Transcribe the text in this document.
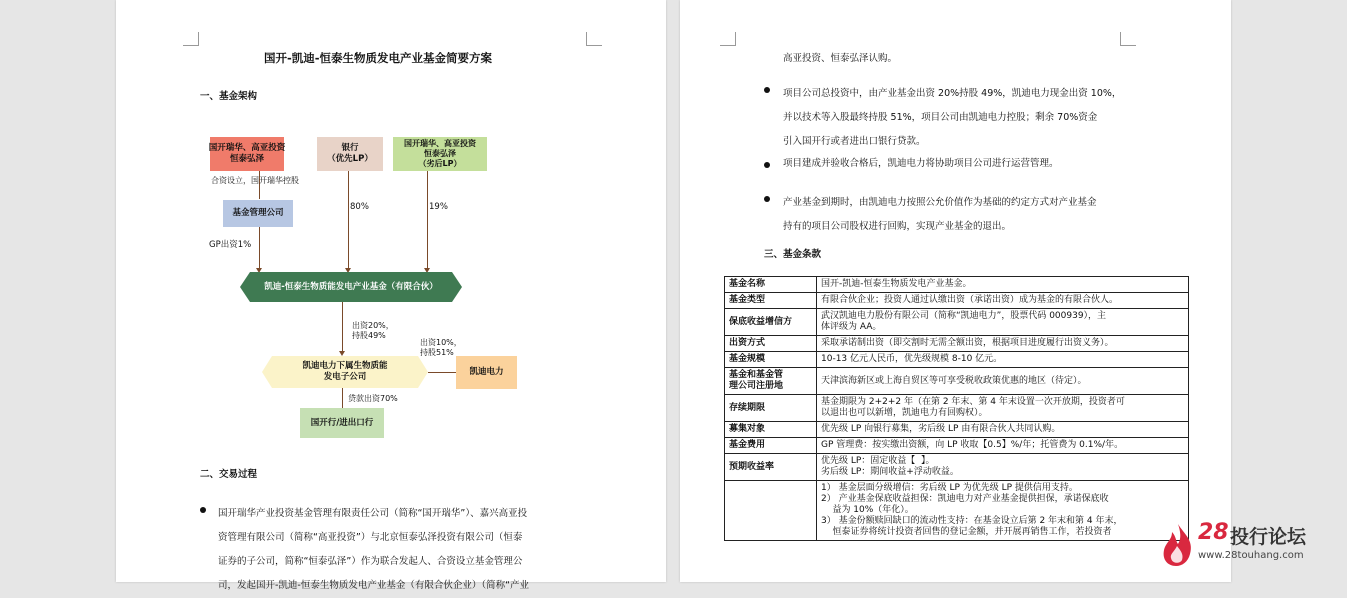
国开-凯迪-恒泰生物质发电产业基金简要方案
一、基金架构
国开瑞华、高亚投资
恒泰弘泽
银行
（优先LP）
国开瑞华、高亚投资
恒泰弘泽
（劣后LP）
合资设立，国开瑞华控股
基金管理公司
GP出资1%
80%	19%
凯迪-恒泰生物质能发电产业基金（有限合伙）
出资20%，
持股49%
出资10%，
持股51%
凯迪电力下属生物质能
发电子公司	凯迪电力
贷款出资70%
国开行/进出口行
二、交易过程
国开瑞华产业投资基金管理有限责任公司（简称“国开瑞华”）、嘉兴高亚投
资管理有限公司（简称“高亚投资”）与北京恒泰弘泽投资有限公司（恒泰
证券的子公司，简称“恒泰弘泽”）作为联合发起人、合资设立基金管理公
司，发起国开-凯迪-恒泰生物质发电产业基金（有限合伙企业）（简称“产业
高亚投资、恒泰弘泽认购。
项目公司总投资中，由产业基金出资 20%持股 49%，凯迪电力现金出资 10%，
并以技术等入股最终持股 51%，项目公司由凯迪电力控股；剩余 70%资金
引入国开行或者进出口银行贷款。
项目建成并验收合格后，凯迪电力将协助项目公司进行运营管理。
产业基金到期时，由凯迪电力按照公允价值作为基础的约定方式对产业基金
持有的项目公司股权进行回购，实现产业基金的退出。
三、基金条款
基金名称	国开-凯迪-恒泰生物质发电产业基金。
基金类型	有限合伙企业；投资人通过认缴出资（承诺出资）成为基金的有限合伙人。
保底收益增信方	武汉凯迪电力股份有限公司（简称“凯迪电力”，股票代码 000939），主
体评级为 AA。
出资方式	采取承诺制出资（即交割时无需全额出资，根据项目进度履行出资义务）。
基金规模	10-13 亿元人民币，优先级规模 8-10 亿元。
基金和基金管
理公司注册地	天津滨海新区或上海自贸区等可享受税收政策优惠的地区（待定）。
存续期限	基金期限为 2+2+2 年（在第 2 年末、第 4 年末设置一次开放期，投资者可
以退出也可以新增，凯迪电力有回购权）。
募集对象	优先级 LP 向银行募集，劣后级 LP 由有限合伙人共同认购。
基金费用	GP 管理费：按实缴出资额，向 LP 收取【0.5】%/年；托管费为 0.1%/年。
预期收益率	优先级 LP：固定收益【  】。
劣后级 LP：期间收益+浮动收益。
	1） 基金层面分级增信：劣后级 LP 为优先级 LP 提供信用支持。
2） 产业基金保底收益担保：凯迪电力对产业基金提供担保，承诺保底收
益为 10%（年化）。
3） 基金份额赎回缺口的流动性支持：在基金设立后第 2 年末和第 4 年末，
恒泰证券将统计投资者回售的登记金额，并开展再销售工作，若投资者	28 投行论坛
www.28touhang.com
